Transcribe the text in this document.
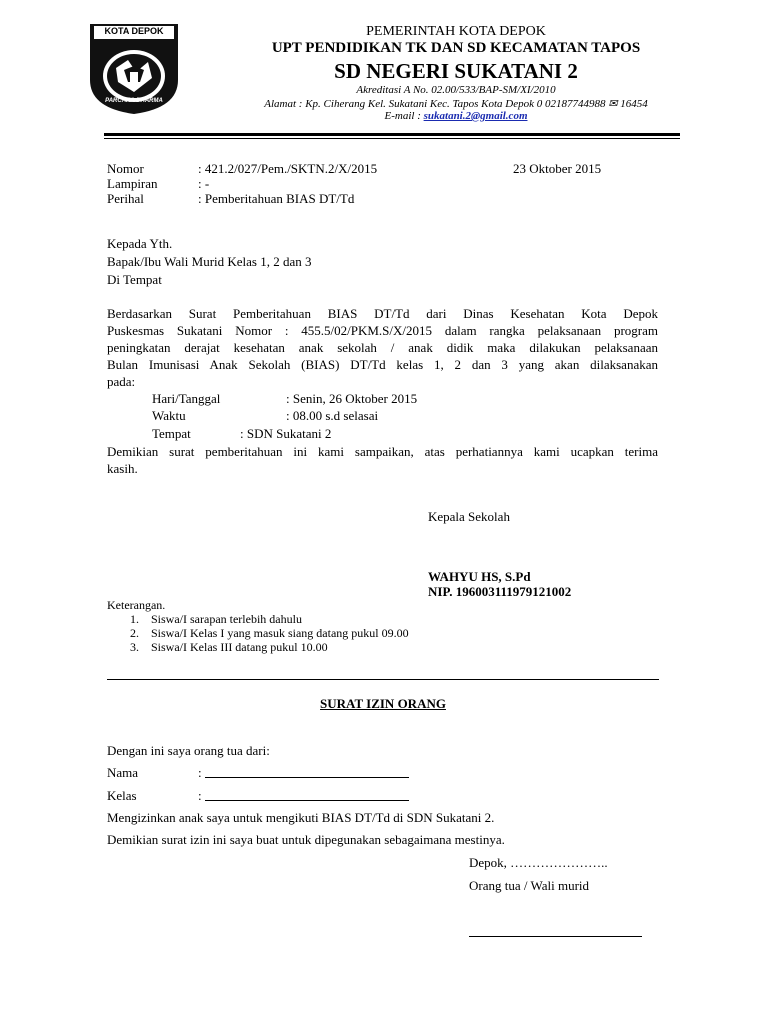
KOTA DEPOK
PARCARA DHARMA
PEMERINTAH KOTA DEPOK
UPT PENDIDIKAN TK DAN SD KECAMATAN TAPOS
SD NEGERI SUKATANI 2
Akreditasi A No. 02.00/533/BAP-SM/XI/2010
Alamat : Kp. Ciherang Kel. Sukatani Kec. Tapos Kota Depok 0 02187744988 ✉ 16454
E-mail : sukatani.2@gmail.com
Nomor	: 421.2/027/Pem./SKTN.2/X/2015	23 Oktober 2015
Lampiran	: -
Perihal	: Pemberitahuan BIAS DT/Td
Kepada Yth.
Bapak/Ibu Wali Murid Kelas 1, 2 dan 3
Di Tempat
Berdasarkan Surat Pemberitahuan BIAS DT/Td dari Dinas Kesehatan Kota Depok
Puskesmas Sukatani Nomor : 455.5/02/PKM.S/X/2015 dalam rangka pelaksanaan program
peningkatan derajat kesehatan anak sekolah / anak didik maka dilakukan pelaksanaan
Bulan Imunisasi Anak Sekolah (BIAS) DT/Td kelas 1, 2 dan 3 yang akan dilaksanakan
pada:
Hari/Tanggal	: Senin, 26 Oktober 2015
Waktu	: 08.00 s.d selasai
Tempat	: SDN Sukatani 2
Demikian surat pemberitahuan ini kami sampaikan, atas perhatiannya kami ucapkan terima
kasih.
Kepala Sekolah
WAHYU HS, S.Pd
NIP. 196003111979121002
Keterangan.
1. Siswa/I sarapan terlebih dahulu
2. Siswa/I Kelas I yang masuk siang datang pukul 09.00
3. Siswa/I Kelas III datang pukul 10.00
SURAT IZIN ORANG
Dengan ini saya orang tua dari:
Nama	:
Kelas	:
Mengizinkan anak saya untuk mengikuti BIAS DT/Td di SDN Sukatani 2.
Demikian surat izin ini saya buat untuk dipegunakan sebagaimana mestinya.
Depok, …………………..
Orang tua / Wali murid
